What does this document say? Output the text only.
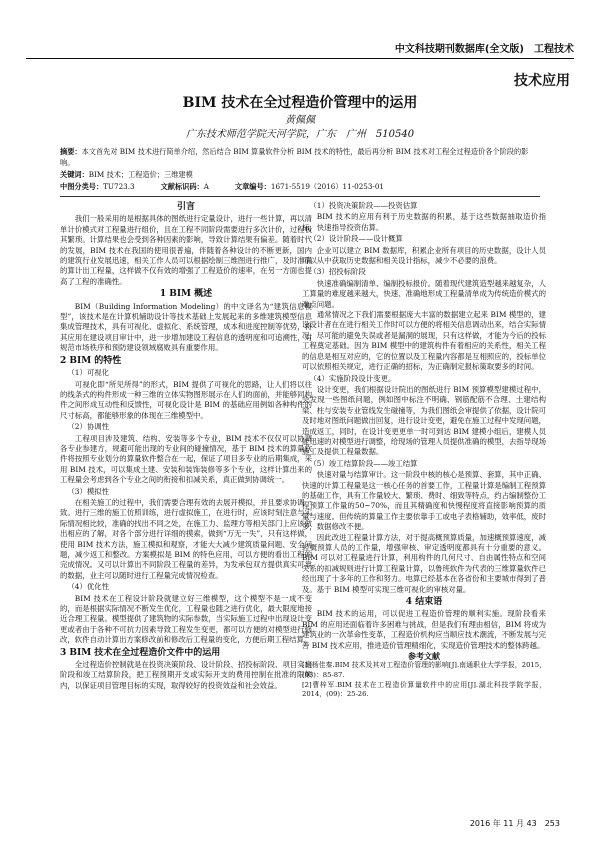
中文科技期刊数据库(全文版)　工程技术
技术应用
BIM 技术在全过程造价管理中的运用
黄佩佩
广东技术师范学院天河学院，广东　广州　510540
摘要：本文首先对 BIM 技术进行简单介绍，然后结合 BIM 算量软件分析 BIM 技术的特性，最后再分析 BIM 技术对工程全过程造价各个阶段的影响。
关键词：BIM 技术；工程造价；三维建模
中图分类号：TU723.3	文献标识码：A	文章编号：1671-5519（2016）11-0253-01

引言

我们一般采用的是根据具体的图纸进行定量设计，进行一些计算，再以清单计价模式对工程量进行组价，且在工程不同阶段需要进行多次计价，过程极其繁琐。计算结果也会受到各种因素的影响，导致计算结果有偏差。随着时代的发展，BIM 技术在我国的使用很普遍，伴随着各种设计的不断更新，国内的建筑行业发展迅速，相关工作人员可以根据绘制三维图进行推广，及时准确的算计出工程量，这样做不仅有效的增强了工程造价的速率，在另一方面也提高了工程的准确性。

1 BIM 概述

BIM（Building Information Modeling）的中文译名为“建筑信息模型”，该技术是在计算机辅助设计等技术基础上发展起来的多维建筑模型信息集成管理技术，具有可视化、虚拟化、系统管理，成本和进度控制等优势，将其应用在建设项目审计中，进一步增加建设工程信息的透明度和可追溯性，对规范市场秩序和预防建设领域腐败具有重要作用。

2 BIM 的特性

（1）可视化

可视化即“所见所得”的形式，BIM 提供了可视化的思路，让人们将以往的线条式的构件形成一种三维的立体实物图形展示在人们的面前，并能够同构件之间形成互动性和反馈性，可视化设计是 BIM 的基础应用例如各种构件的尺寸标高，都能够形象的体现在三维模型中。

（2）协调性

工程项目涉及建筑、结构、安装等多个专业，BIM 技术不仅仅可以协调各专业参建方，规避可能出现的专业间的碰撞情况，基于 BIM 技术的算量软件将按照专业划分的算量软件整合在一起，保证了项目多专业的后期集成，采用 BIM 技术，可以集成土建、安装和装饰装修等多个专业，这样计算出来的工程量会考虑到各个专业之间的衔接和扣减关系，真正做到协调统一。

（3）模拟性

在相关施工的过程中，我们需要合理有效的去展开模拟，并且要求协调一致。进行三维的施工仿照训练，进行虚拟施工，在进行时，应该时刻注意与实际情况相比较，准确的找出不同之处，在施工力、监理方等相关部门上应该做出相应的了解，对各个部分进行详细的摸索，做到“万无一失”，只有这样做，使用 BIM 技术方法，施工模拟和观察，才能大大减少建筑质量问题、安全问题，减少返工和整改。方案模拟是 BIM 的特色应用，可以方便的看出工程的完成情况。又可以计算出不同阶段工程量的差异，为发承包双方提供真实可靠的数据，业主可以随时进行工程量完成情况检查。

（4）优化性

BIM 技术在工程设计阶段就建立好三维模型，这个模型不是一成不变的，而是根据实际情况不断发生优化，工程量也随之进行优化，最大限度地接近合理工程量。模型提供了建筑物的实际参数，当实际施工过程中出现设计变更或者由于各种不可抗力因素导致工程发生变更，都可以方便的对模型进行修改，软件自动计算出方案修改前和修改后工程量的变化，方便后期工程结算。

3 BIM 技术在全过程造价文件中的运用

全过程造价控制就是在投资决策阶段、设计阶段、招投标阶段、项目实施阶段和竣工结算阶段，把工程预期开支或实际开支的费用控制在批准的限额内，以保证项目管理目标的实现，取得较好的投资效益和社会效益。

（1）投资决策阶段——投资估算

BIM 技术的应用有利于历史数据的积累，基于这些数据抽取造价指标，快速指导投资估算。

（2）设计阶段——设计概算

企业可以建立 BIM 数据库，积累企业所有项目的历史数据，设计人员可以从中获取历史数据和相关设计指标，减少不必要的浪费。

（3）招投标阶段

快速准确编制清单、编制投标报价。随着现代建筑造型越来越复杂，人工算量的难度越来越大，快速、准确地形成工程量清单成为传统造价模式的难点问题。

通常情况之下我们需要根据庞大丰富的数据建立起来 BIM 模型的，建设设计者在在进行相关工作时可以方便的将相关信息调动出来，结合实际情况，尽可能的避免失误或者是漏洞的展现，只有这样做，才能为今后的投标工程奠定基础。因为 BIM 模型中的建筑构件有着相应的关系性，相关工程的信息是相互对应的，它的位置以及工程量内容都是互相照应的，投标单位可以依照相关规定，进行正确的招标，为正确制定报标策取要多的时间。

（4）实施阶段设计变更。

设计变更，我们根据设计院出的图纸进行 BIM 预算模型建模过程中，会发现一些图纸问题，例如图中标注不明确、钢筋配筋不合理、土建结构梁、柱与安装专业管线发生碰撞等，为我们图纸会审提供了依据，设计院可及时地对图纸问题做出回复，进行设计变更，避免在施工过程中发现问题，造成返工，同时，在设计变更更单一时可到达 BIM 建模小组后，建模人员能迅速的对模型进行调整，给现场的管理人员提供准确的模型，去指导现场施工及提供工程量数据。

（5）竣工结算阶段——竣工结算

快速对量与结算审计。这一阶段中核的核心是预算、套算，其中正确、快速的计算工程量是这一核心任务的首要工作，工程量计算是编制工程预算的基础工作，具有工作量较大、繁琐、费时、细致等特点，约占编制整份工程预算工作量的50~70%，而且其精确度和快慢程度将直接影响预算的质量与速度。但传统的算量工作主要依靠手工或电子表格辅助，效率低，废时多，数据修改不便。

因此改进工程量计算方法，对于提高概预算质量，加速概预算速度，减轻概预算人员的工作量，增强审核、审定透明度都具有十分重要的意义。BIM 可以对工程量进行计算，利用构件的几何尺寸、自由属性特点和空间关系的扣减规则进行计算工程量计算，以鲁班软件为代表的三维算量软件已经出现了十多年的工作和努力。电算已经基本在各省份和主要城市得到了普及。基于 BIM 模型可实现三维可视化的审核对量。

4 结束语

BIM 技术的运用，可以促进工程造价管理的顺利实施。现阶段看来 BIM 的应用还面临着许多困难与挑战，但是我们有理由相信，BIM 将成为建筑业的一次革命性变革，工程造价机构应当顺应技术潮流，不断发展与完善 BIM 技术应用，推进造价管理精细化，实现造价管理技术的整体跨越。

参考文献

[1]杨佳秦.BIM 技术及其对工程造价管理的影响[J].南通职业大学学报，2015，(03)：85-87.

[2]曹梓军.BIM 技术在工程造价算量软件中的应用[J].湖北科技学院学报，2014，(09)：25-26.

2016 年 11 月 43　253
